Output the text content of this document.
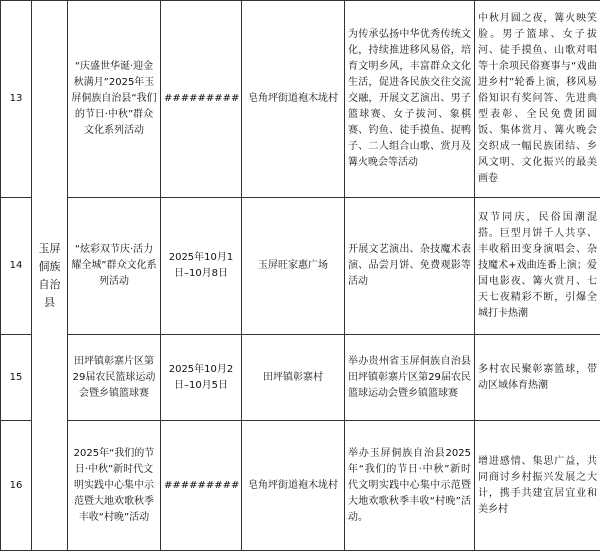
13	玉屏侗族自治县	“庆盛世华诞·迎金秋满月”2025年玉屏侗族自治县“我们的节日·中秋”群众文化系列活动	#########	皂角坪街道袍木垅村	为传承弘扬中华优秀传统文化，持续推进移风易俗，培育文明乡风，丰富群众文化生活，促进各民族交往交流交融，开展文艺演出、男子篮球赛、女子拔河、象棋赛、钓鱼、徒手摸鱼、捉鸭子、二人组合山歌、赏月及篝火晚会等活动	中秋月圆之夜，篝火映笑脸。男子篮球、女子拔河、徒手摸鱼、山歌对唱等十余项民俗赛事与“戏曲进乡村”轮番上演，移风易俗知识有奖问答、先进典型表彰、全民免费团圆饭、集体赏月、篝火晚会交织成一幅民族团结、乡风文明、文化振兴的最美画卷
14		“炫彩双节庆·活力耀全城”群众文化系列活动	2025年10月1日–10月8日	玉屏旺家惠广场	开展文艺演出、杂技魔术表演、品尝月饼、免费观影等活动	双节同庆，民俗国潮混搭。巨型月饼千人共享、丰收稻田变身演唱会、杂技魔术+戏曲连番上演；爱国电影夜、篝火赏月、七天七夜精彩不断，引爆全城打卡热潮
15		田坪镇彰寨片区第29届农民篮球运动会暨乡镇篮球赛	2025年10月2日–10月5日	田坪镇彰寨村	举办贵州省玉屏侗族自治县田坪镇彰寨片区第29届农民篮球运动会暨乡镇篮球赛	多村农民聚彰寨篮球，带动区域体育热潮
16		2025年“我们的节日·中秋”新时代文明实践中心集中示范暨大地欢歌秋季丰收“村晚”活动	#########	皂角坪街道袍木垅村	举办玉屏侗族自治县2025年“我们的节日·中秋”新时代文明实践中心集中示范暨大地欢歌秋季丰收“村晚”活动。	增进感情、集思广益，共同商讨乡村振兴发展之大计，携手共建宜居宜业和美乡村
